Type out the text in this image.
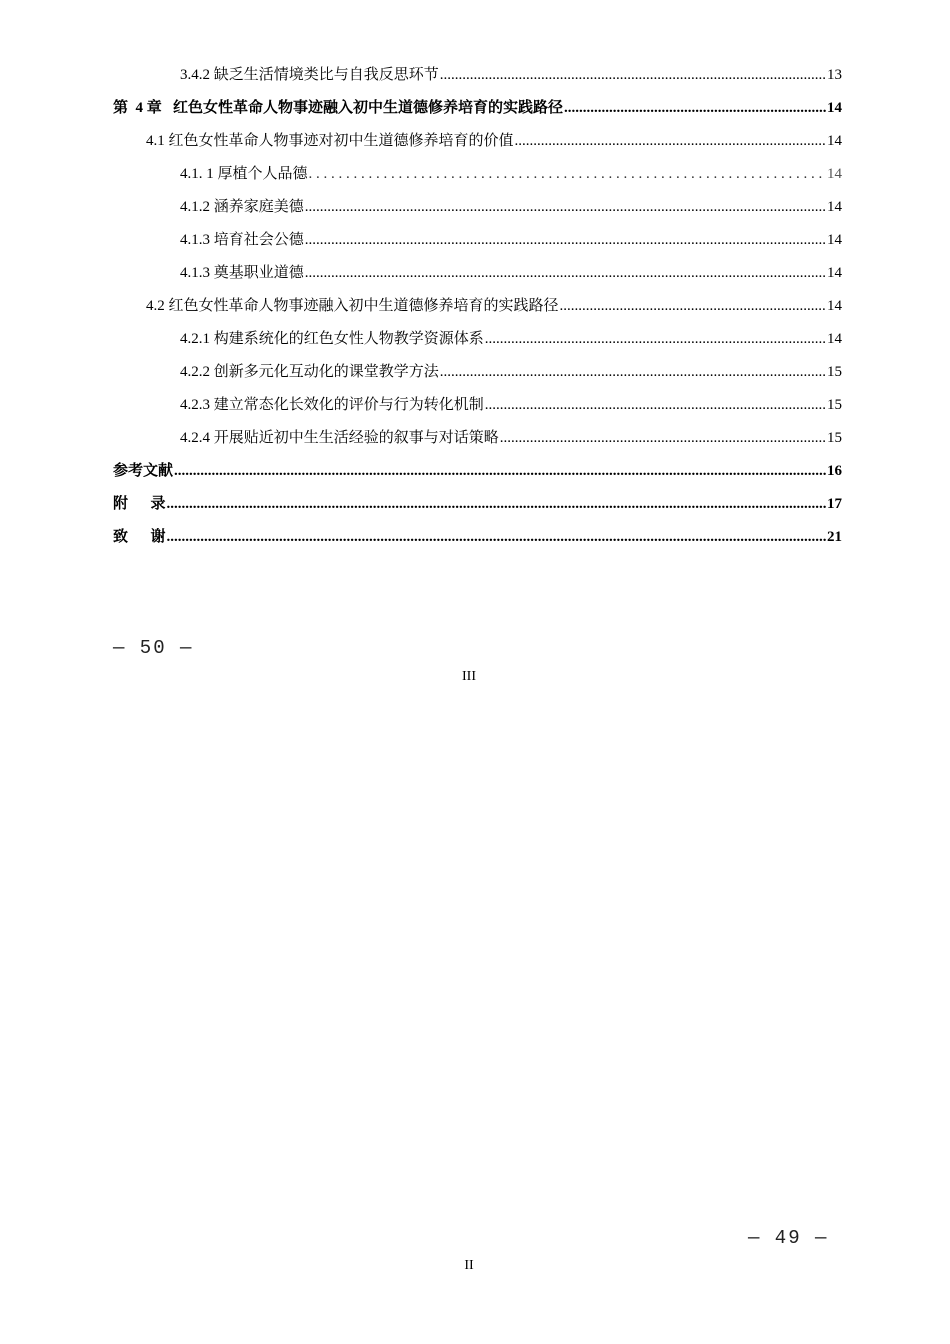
3.4.2 缺乏生活情境类比与自我反思环节 .....	13
第  4 章   红色女性革命人物事迹融入初中生道德修养培育的实践路径 .....	14
4.1 红色女性革命人物事迹对初中生道德修养培育的价值 .....	14
4.1. 1 厚植个人品德 . . .	14
4.1.2 涵养家庭美德 .....	14
4.1.3 培育社会公德 .....	14
4.1.3 奠基职业道德 .....	14
4.2 红色女性革命人物事迹融入初中生道德修养培育的实践路径 .....	14
4.2.1 构建系统化的红色女性人物教学资源体系 .....	14
4.2.2 创新多元化互动化的课堂教学方法 .....	15
4.2.3 建立常态化长效化的评价与行为转化机制 .....	15
4.2.4 开展贴近初中生生活经验的叙事与对话策略 .....	15
参考文献 .....	16
附      录 .....	17
致      谢 .....	21
— 50 —
III
— 49 —
II
